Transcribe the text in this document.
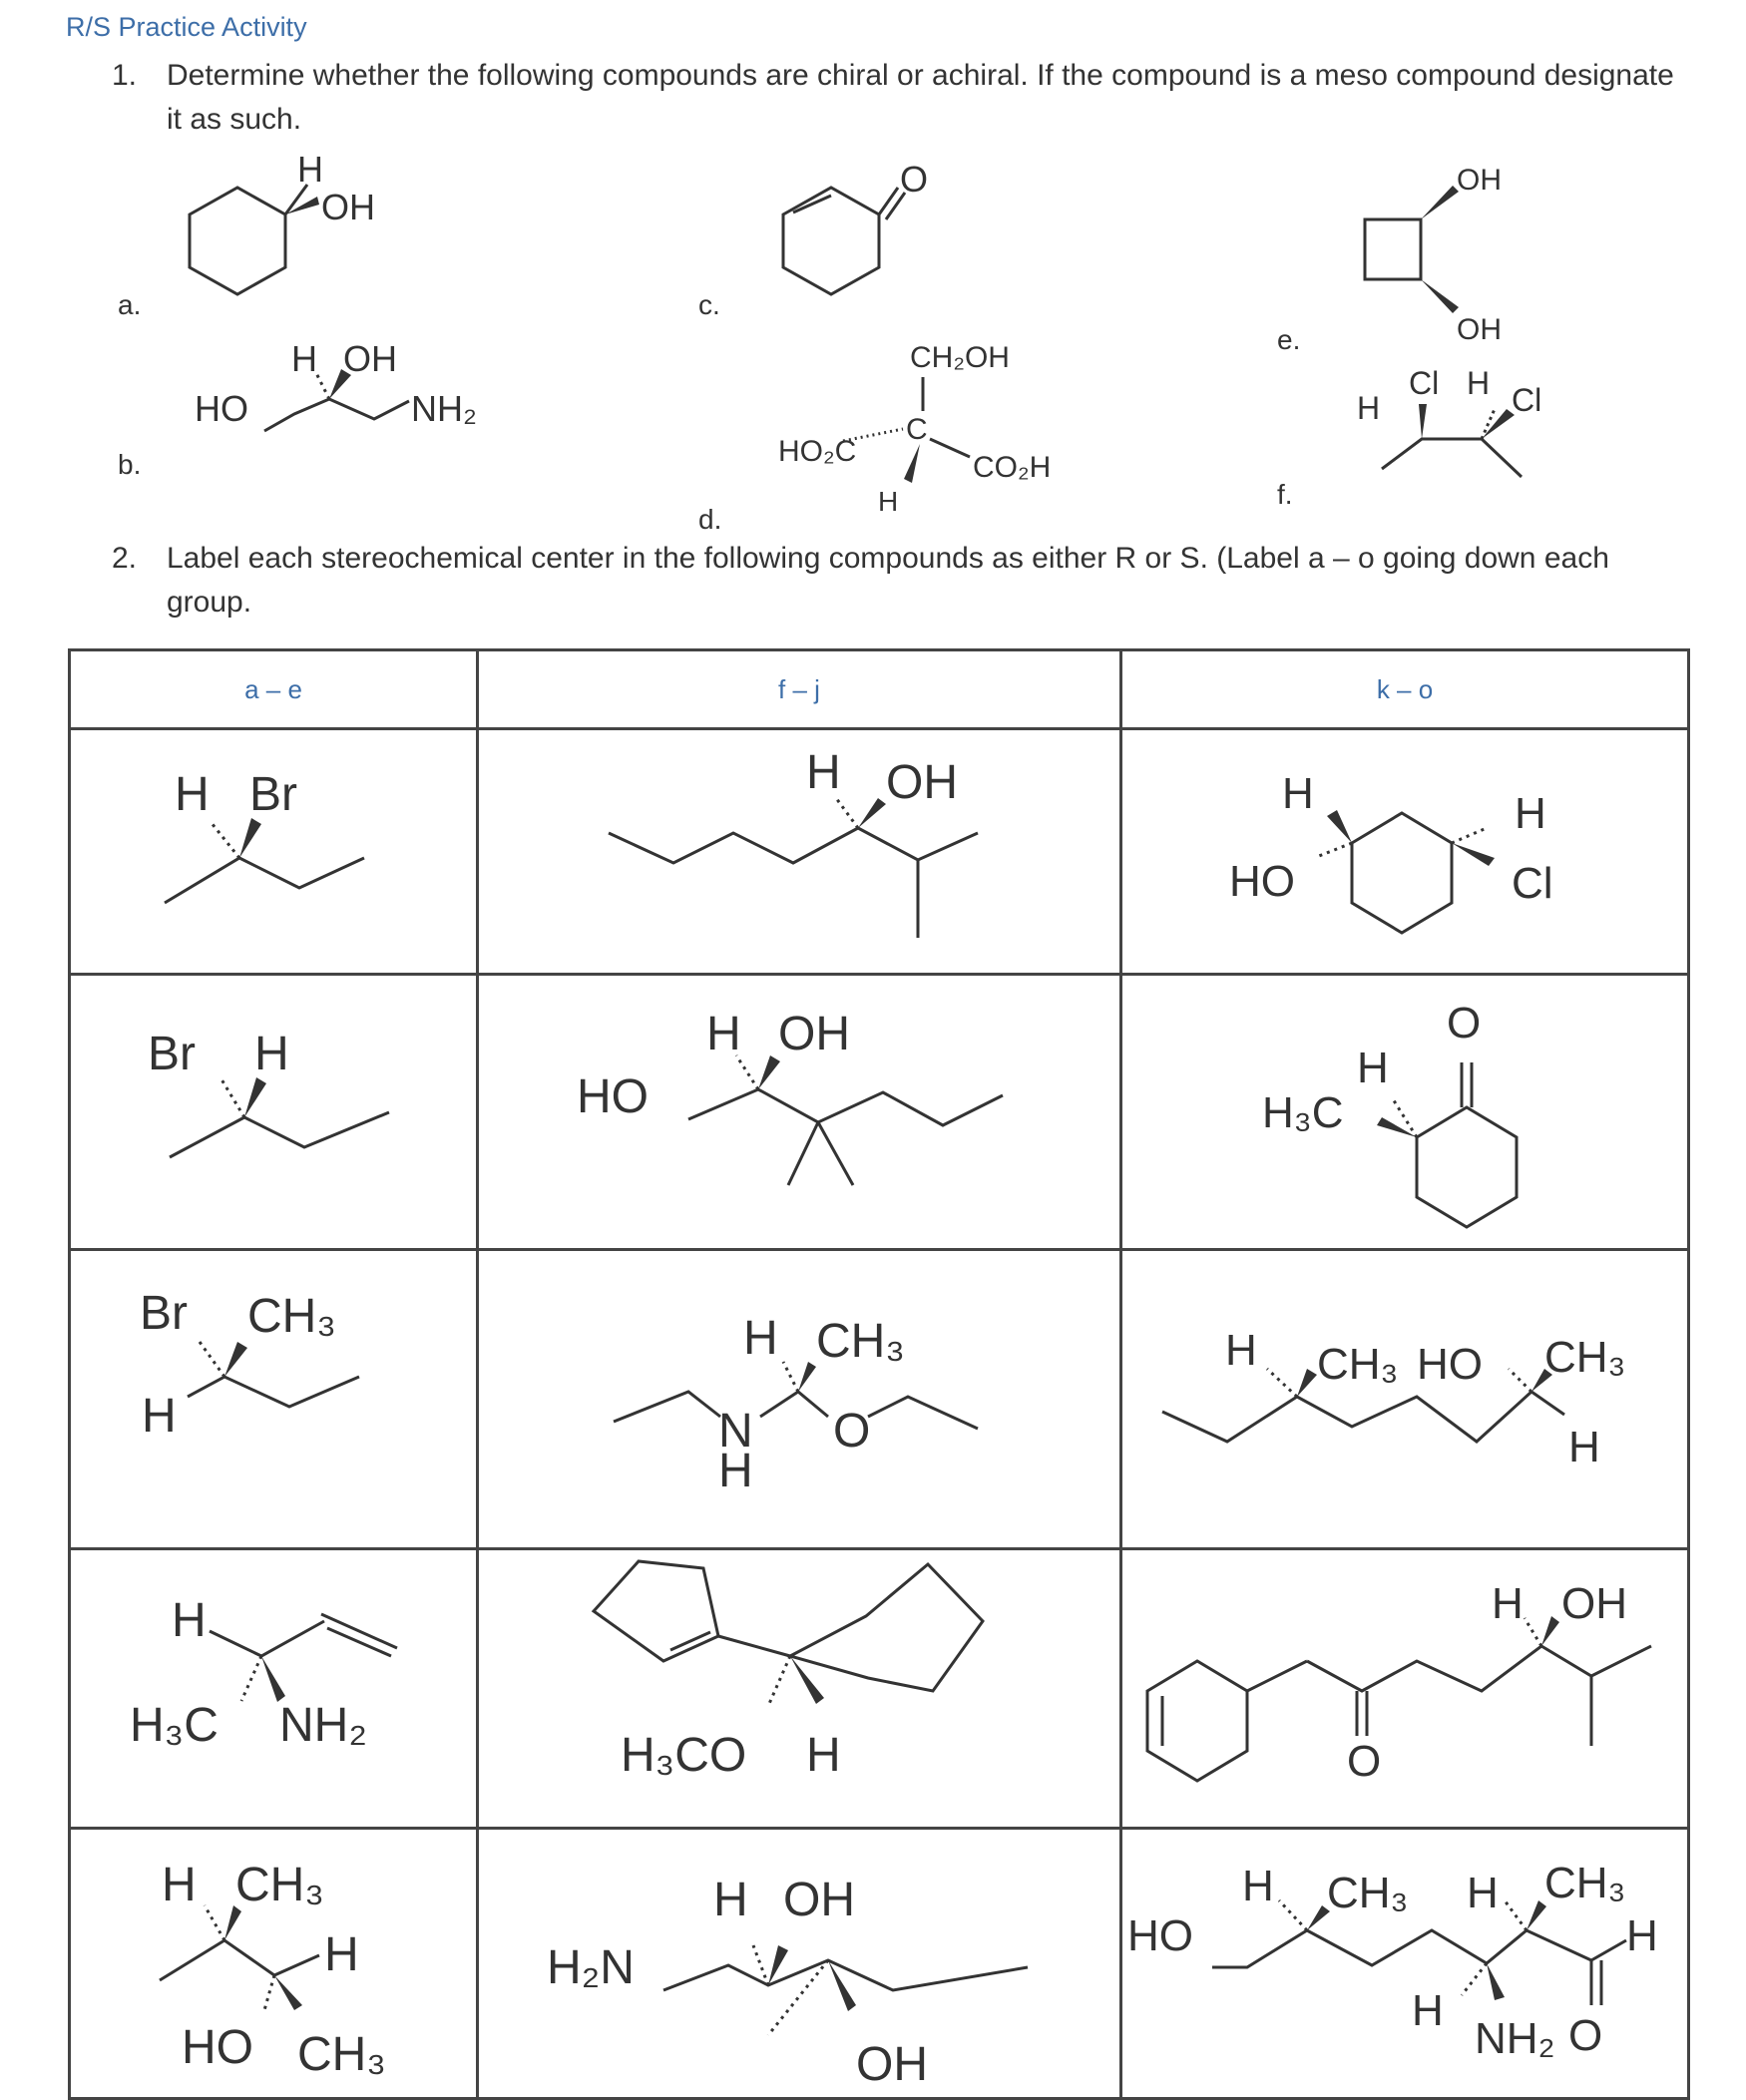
R/S Practice Activity
1. Determine whether the following compounds are chiral or achiral. If the compound is a meso compound designate it as such.
a.
b.
c.
d.
e.
f.
2. Label each stereochemical center in the following compounds as either R or S. (Label a – o going down each group.
a – e	f – j	k – o

H
OH
HO
H OH
NH₂
O
CH₂OH
HO₂C
C
CO₂H
H
OH
OH
H
Cl H Cl
H Br
Br H
Br CH₃
H
H
H₃C NH₂
H CH₃
H
HO CH₃
H OH
HO
H OH
H CH₃
N
H
O
H₃CO H
H₂N
H OH
OH
H
HO
H
Cl
O
H
H₃C
H CH₃ HO CH₃
H
O
H OH
HO
H CH₃ H CH₃
H
H
NH₂ O
